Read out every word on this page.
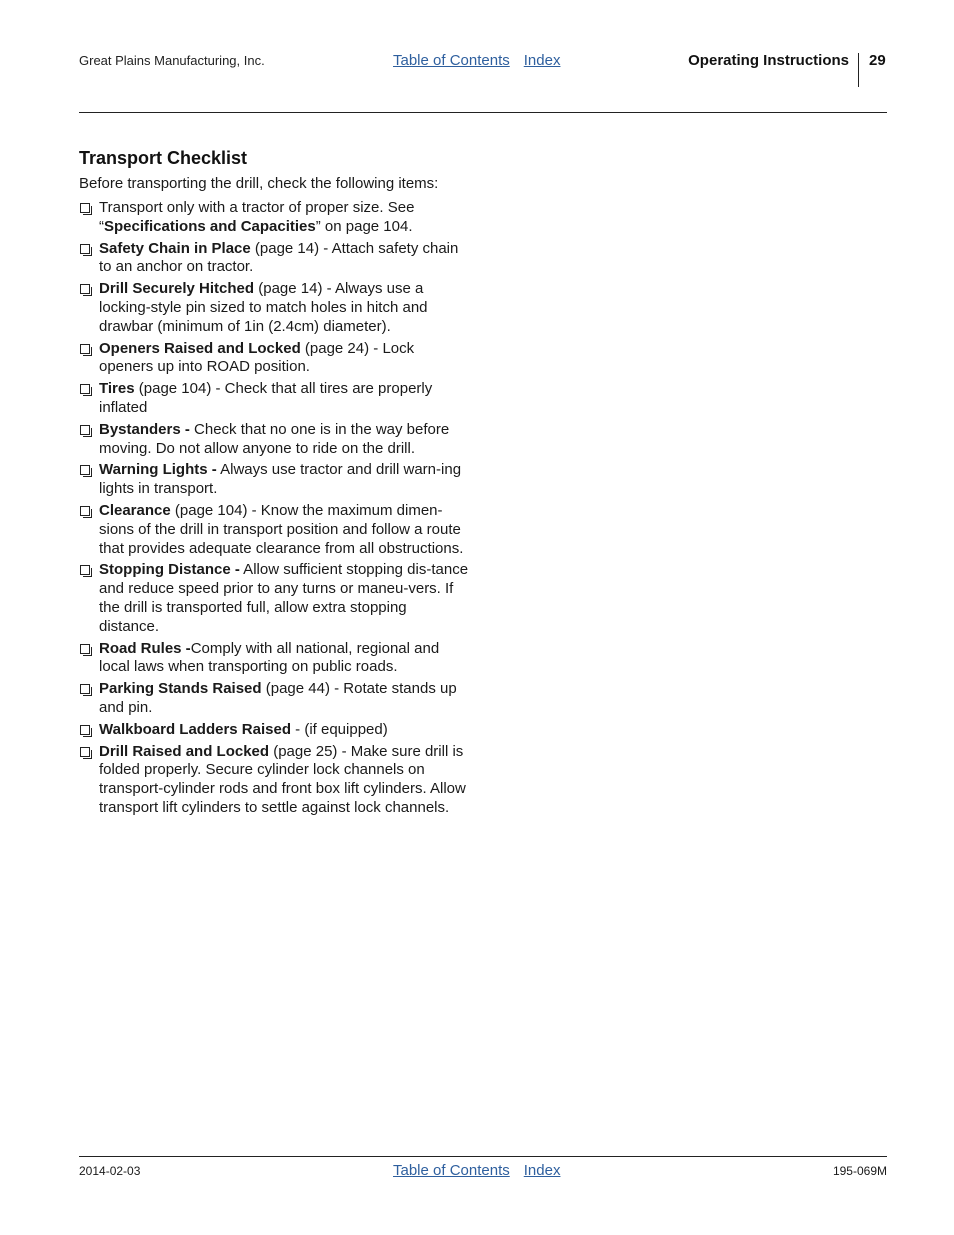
Great Plains Manufacturing, Inc.	Table of Contents Index	Operating Instructions 29
Transport Checklist

Before transporting the drill, check the following items:

Transport only with a tractor of proper size. See “Specifications and Capacities” on page 104.
Safety Chain in Place (page 14) - Attach safety chain to an anchor on tractor.
Drill Securely Hitched (page 14) - Always use a locking-style pin sized to match holes in hitch and drawbar (minimum of 1in (2.4cm) diameter).
Openers Raised and Locked (page 24) - Lock openers up into ROAD position.
Tires (page 104) - Check that all tires are properly inflated
Bystanders - Check that no one is in the way before moving. Do not allow anyone to ride on the drill.
Warning Lights - Always use tractor and drill warn-ing lights in transport.
Clearance (page 104) - Know the maximum dimen-sions of the drill in transport position and follow a route that provides adequate clearance from all obstructions.
Stopping Distance - Allow sufficient stopping dis-tance and reduce speed prior to any turns or maneu-vers. If the drill is transported full, allow extra stopping distance.
Road Rules -Comply with all national, regional and local laws when transporting on public roads.
Parking Stands Raised (page 44) - Rotate stands up and pin.
Walkboard Ladders Raised - (if equipped)
Drill Raised and Locked (page 25) - Make sure drill is folded properly. Secure cylinder lock channels on transport-cylinder rods and front box lift cylinders. Allow transport lift cylinders to settle against lock channels.
2014-02-03	Table of Contents Index	195-069M
